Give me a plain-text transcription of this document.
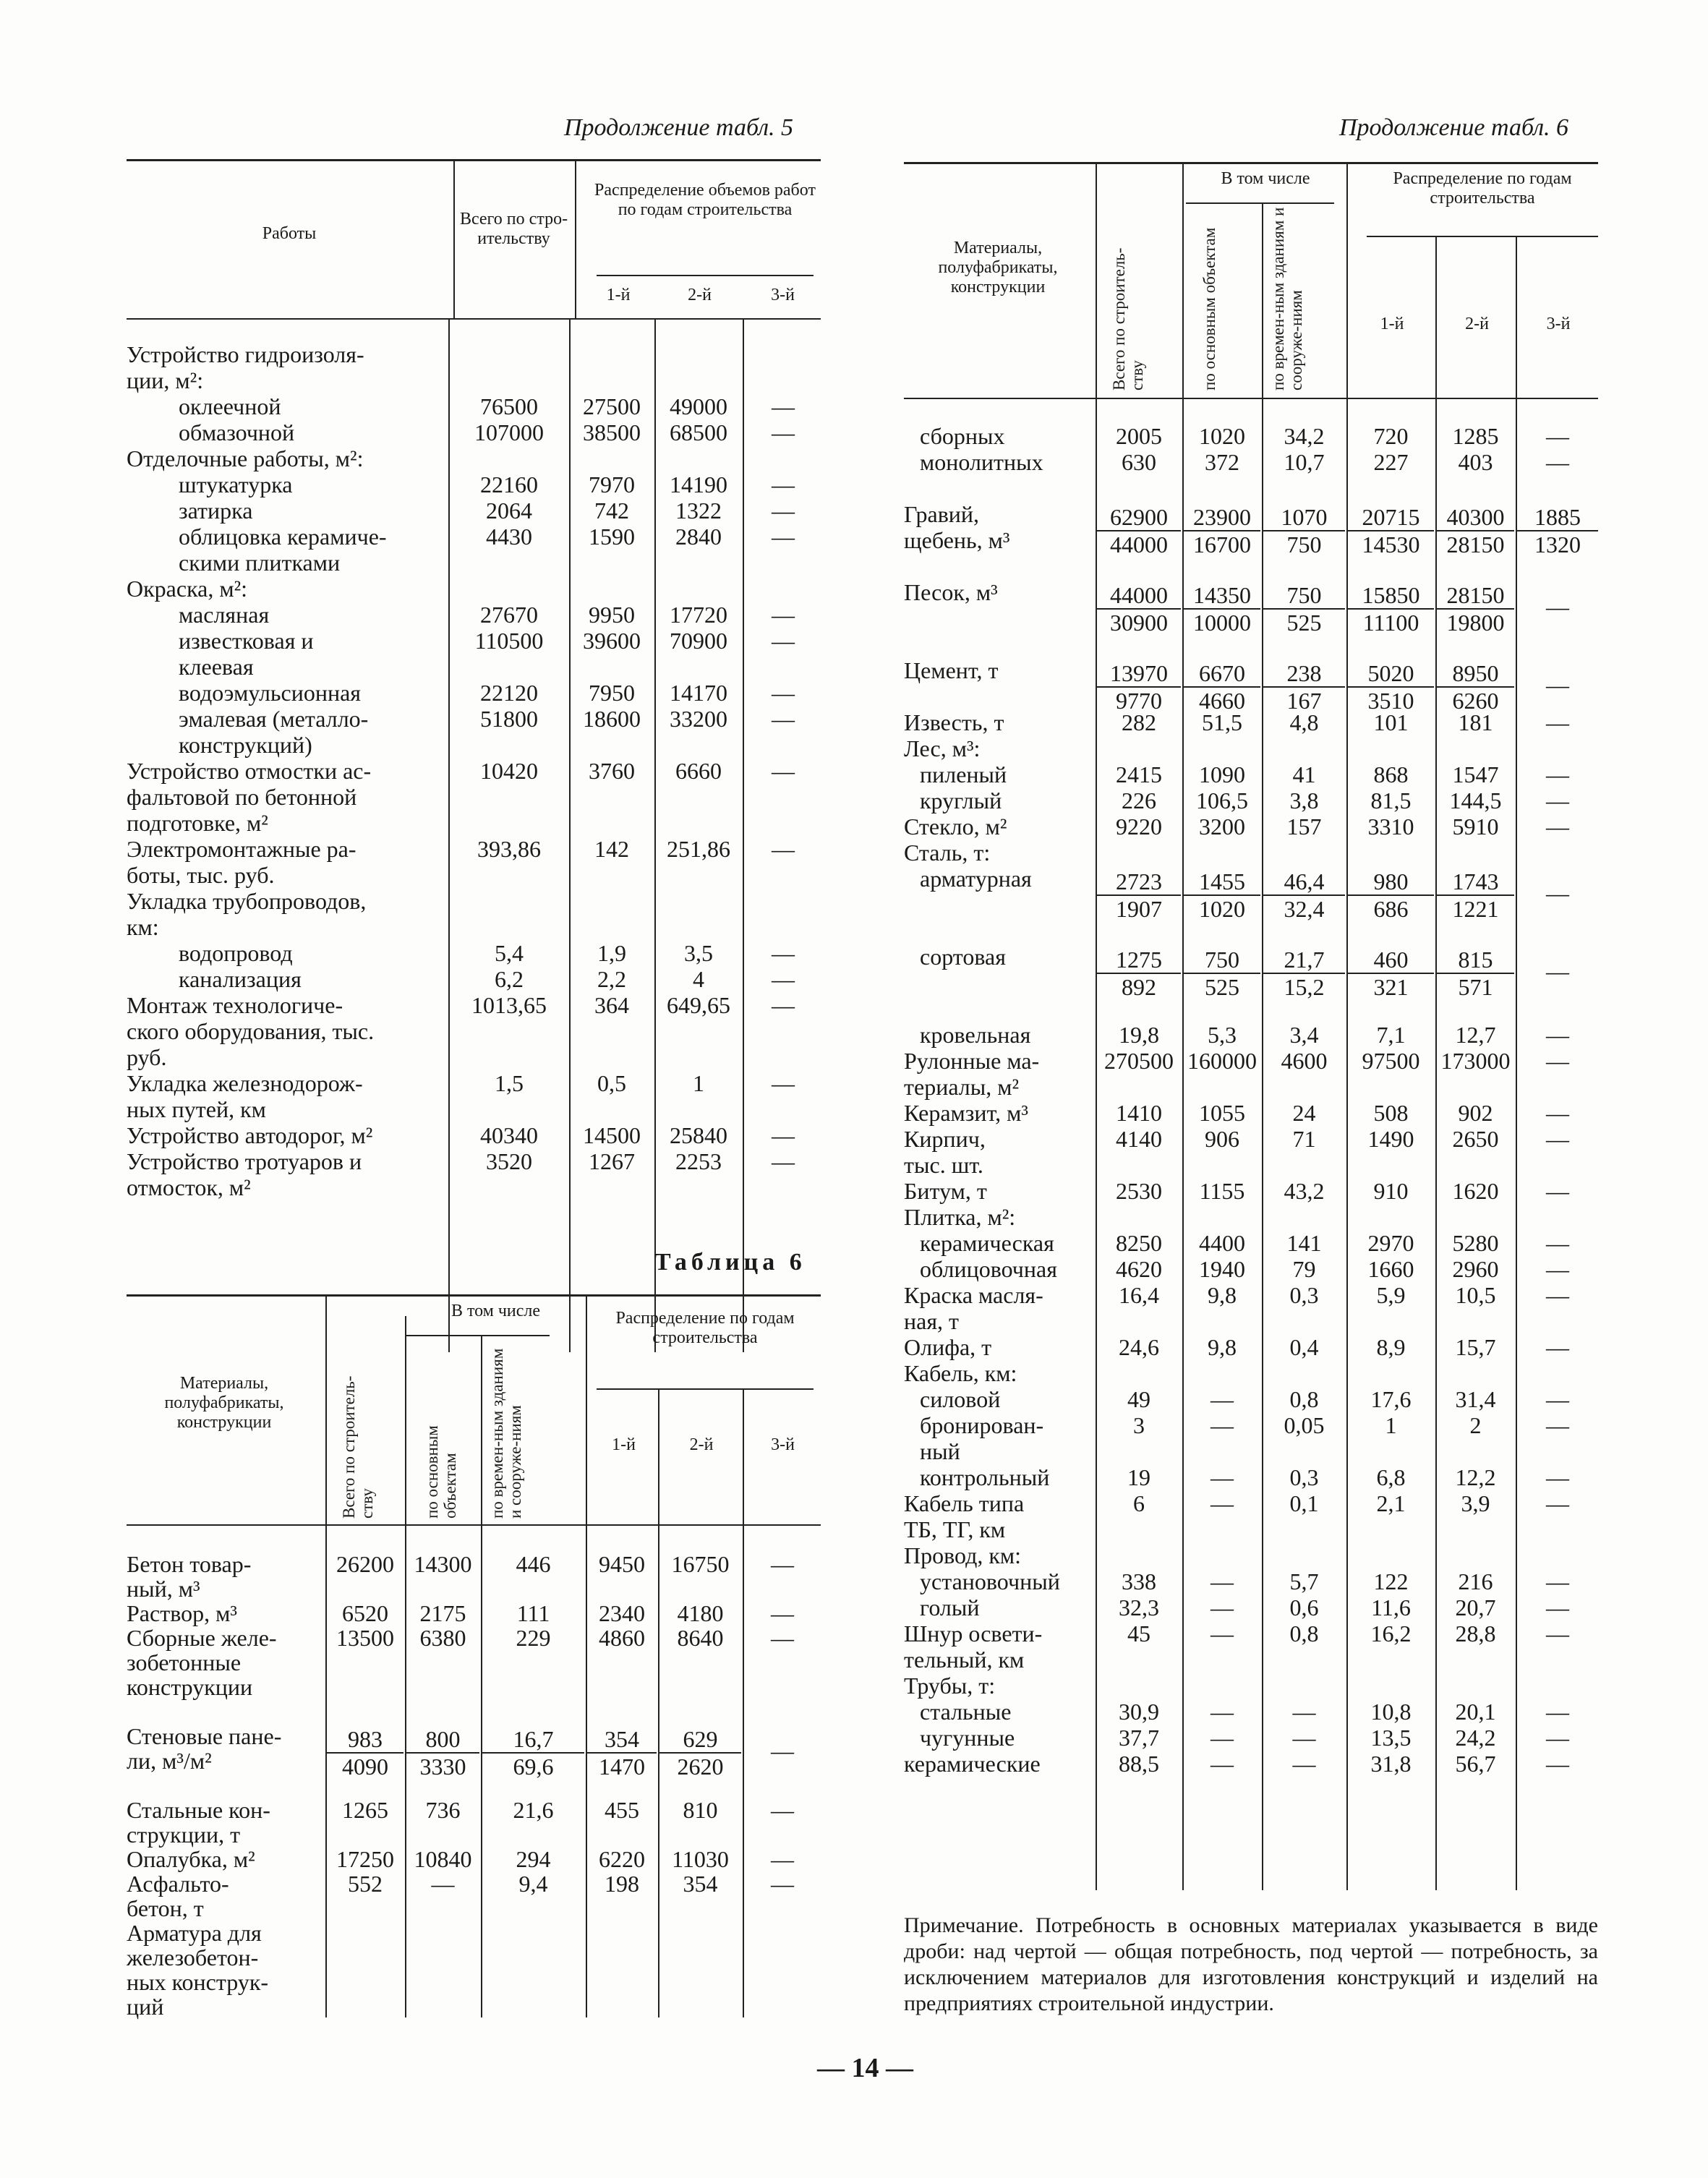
Продолжение табл. 5
Работы
Всего по стро-ительству
Распределение объемов работ по годам строительства
1-й	2-й	3-й
Устройство гидроизоля-
ции, м²:
оклеечной	76500	27500	49000	—
обмазочной	107000	38500	68500	—
Отделочные работы, м²:
штукатурка	22160	7970	14190	—
затирка	2064	742	1322	—
облицовка керамиче-	4430	1590	2840	—
скими плитками
Окраска, м²:
масляная	27670	9950	17720	—
известковая и	110500	39600	70900	—
клеевая
водоэмульсионная	22120	7950	14170	—
эмалевая (металло-	51800	18600	33200	—
конструкций)
Устройство отмостки ас-	10420	3760	6660	—
фальтовой по бетонной
подготовке, м²
Электромонтажные ра-	393,86	142	251,86	—
боты, тыс. руб.
Укладка трубопроводов,
км:
водопровод	5,4	1,9	3,5	—
канализация	6,2	2,2	4	—
Монтаж технологиче-	1013,65	364	649,65	—
ского оборудования, тыс.
руб.
Укладка железнодорож-	1,5	0,5	1	—
ных путей, км
Устройство автодорог, м²	40340	14500	25840	—
Устройство тротуаров и	3520	1267	2253	—
отмосток, м²
Таблица 6
Материалы, полуфабрикаты, конструкции	Всего по строитель-ству
В том числе
по основным объектам по времен-ным зданиям и сооруже-ниям
Распределение по годам строительства
1-й	2-й	3-й
Бетон товар-	26200 14300	446	9450	16750	—
ный, м³
Раствор, м³	6520	2175	111	2340	4180	—
Сборные желе-	13500	6380	229	4860	8640	—
зобетонные
конструкции
Стеновые пане- $\frac{983}{4090} \frac{800}{3330} \frac{16,7}{69,6} \frac{354}{1470} \frac{629}{2620}$	—
ли, м³/м²
Стальные кон-	1265	736	21,6	455	810	—
струкции, т
Опалубка, м²	17250 10840	294	6220	11030	—
Асфальто-	552	—	9,4	198	354	—
бетон, т
Арматура для
железобетон-
ных конструк-
ций
Продолжение табл. 6
Материалы, полуфабрикаты, конструкции	Всего по строитель-ству
В том числе
по основным объектам	по времен-ным зданиям и сооруже-ниям
Распределение по годам строительства
1-й	2-й	3-й
сборных	2005	1020	34,2	720	1285	—
монолитных	630	372	10,7	227	403	—
Гравий,	$\frac{62900}{44000} \frac{23900}{16700} \frac{1070}{750} \frac{20715}{14530} \frac{40300}{28150} \frac{1885}{1320}$
щебень, м³
Песок, м³	$\frac{44000}{30900} \frac{14350}{10000} \frac{750}{525} \frac{15850}{11100} \frac{28150}{19800}$	—
Цемент, т	$\frac{13970}{9770} \frac{6670}{4660} \frac{238}{167} \frac{5020}{3510} \frac{8950}{6260}$	—
Известь, т	282	51,5	4,8	101	181	—
Лес, м³:
пиленый	2415	1090	41	868	1547	—
круглый	226	106,5	3,8	81,5	144,5	—
Стекло, м²	9220	3200	157	3310	5910	—
Сталь, т:
арматурная	$\frac{2723}{1907} \frac{1455}{1020} \frac{46,4}{32,4} \frac{980}{686} \frac{1743}{1221}$	—
сортовая	$\frac{1275}{892} \frac{750}{525} \frac{21,7}{15,2} \frac{460}{321} \frac{815}{571}$	—
кровельная	19,8	5,3	3,4	7,1	12,7	—
Рулонные ма-	270500 160000	4600	97500 173000	—
териалы, м²
Керамзит, м³	1410	1055	24	508	902	—
Кирпич,	4140	906	71	1490	2650	—
тыс. шт.
Битум, т	2530	1155	43,2	910	1620	—
Плитка, м²:
керамическая	8250	4400	141	2970	5280	—
облицовочная	4620	1940	79	1660	2960	—
Краска масля-	16,4	9,8	0,3	5,9	10,5	—
ная, т
Олифа, т	24,6	9,8	0,4	8,9	15,7	—
Кабель, км:
силовой	49	—	0,8	17,6	31,4	—
бронирован-	3	—	0,05	1	2	—
ный
контрольный	19	—	0,3	6,8	12,2	—
Кабель типа	6	—	0,1	2,1	3,9	—
ТБ, ТГ, км
Провод, км:
установочный	338	—	5,7	122	216	—
голый	32,3	—	0,6	11,6	20,7	—
Шнур освети-	45	—	0,8	16,2	28,8	—
тельный, км
Трубы, т:
стальные	30,9	—	—	10,8	20,1	—
чугунные	37,7	—	—	13,5	24,2	—
керамические	88,5	—	—	31,8	56,7	—
Примечание. Потребность в основных материалах указывается в виде дроби: над чертой — общая потребность, под чертой — потребность, за исключением материалов для изготовления конструкций и изделий на предприятиях строительной индустрии.
— 14 —
